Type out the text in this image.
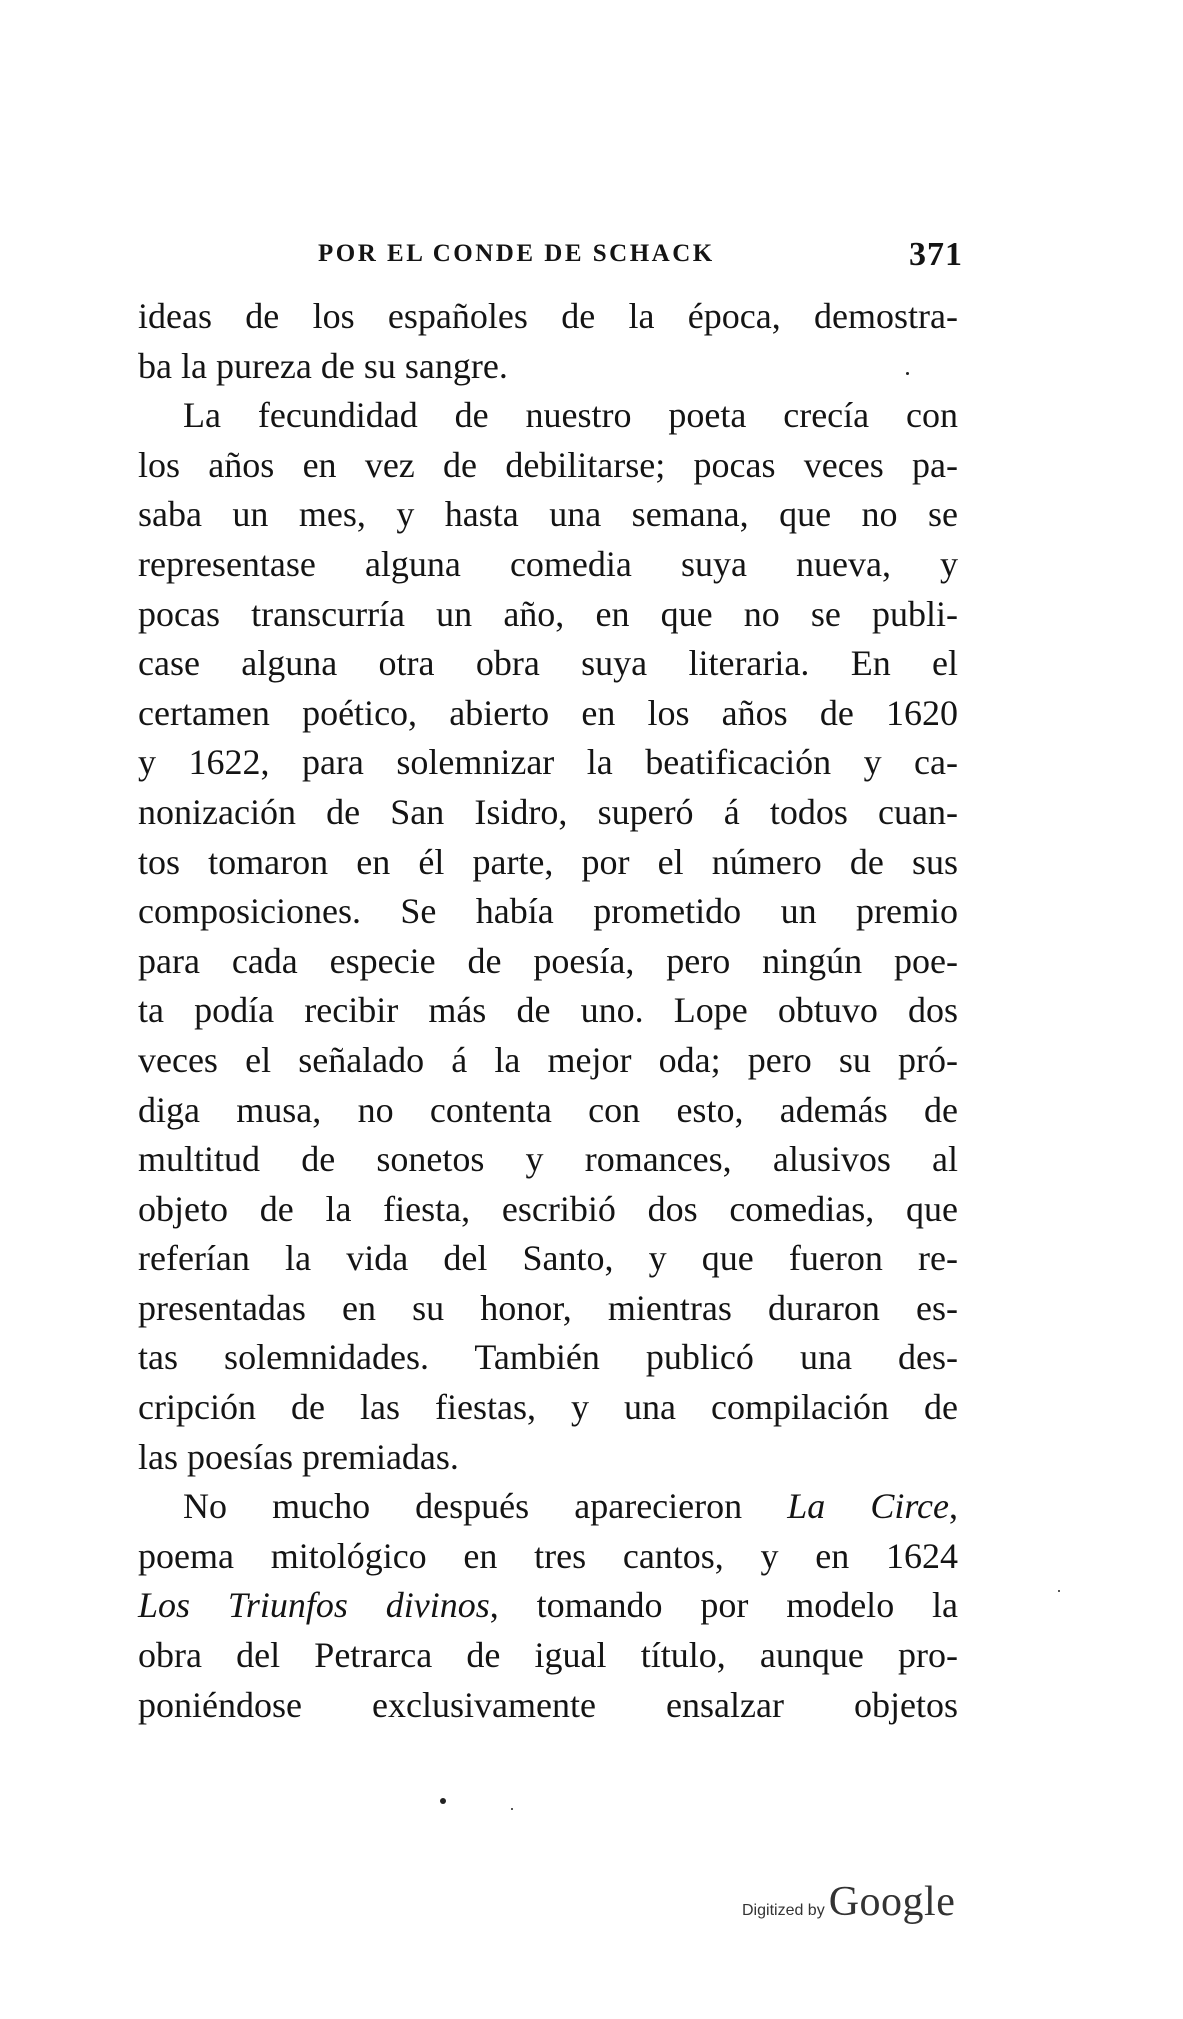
POR EL CONDE DE SCHACK	371
ideas de los españoles de la época, demostra-
ba la pureza de su sangre.
La fecundidad de nuestro poeta crecía con
los años en vez de debilitarse; pocas veces pa-
saba un mes, y hasta una semana, que no se
representase alguna comedia suya nueva, y
pocas transcurría un año, en que no se publi-
case alguna otra obra suya literaria. En el
certamen poético, abierto en los años de 1620
y 1622, para solemnizar la beatificación y ca-
nonización de San Isidro, superó á todos cuan-
tos tomaron en él parte, por el número de sus
composiciones. Se había prometido un premio
para cada especie de poesía, pero ningún poe-
ta podía recibir más de uno. Lope obtuvo dos
veces el señalado á la mejor oda; pero su pró-
diga musa, no contenta con esto, además de
multitud de sonetos y romances, alusivos al
objeto de la fiesta, escribió dos comedias, que
referían la vida del Santo, y que fueron re-
presentadas en su honor, mientras duraron es-
tas solemnidades. También publicó una des-
cripción de las fiestas, y una compilación de
las poesías premiadas.
No mucho después aparecieron La Circe,
poema mitológico en tres cantos, y en 1624
Los Triunfos divinos, tomando por modelo la
obra del Petrarca de igual título, aunque pro-
poniéndose exclusivamente ensalzar objetos
Digitized by Google
